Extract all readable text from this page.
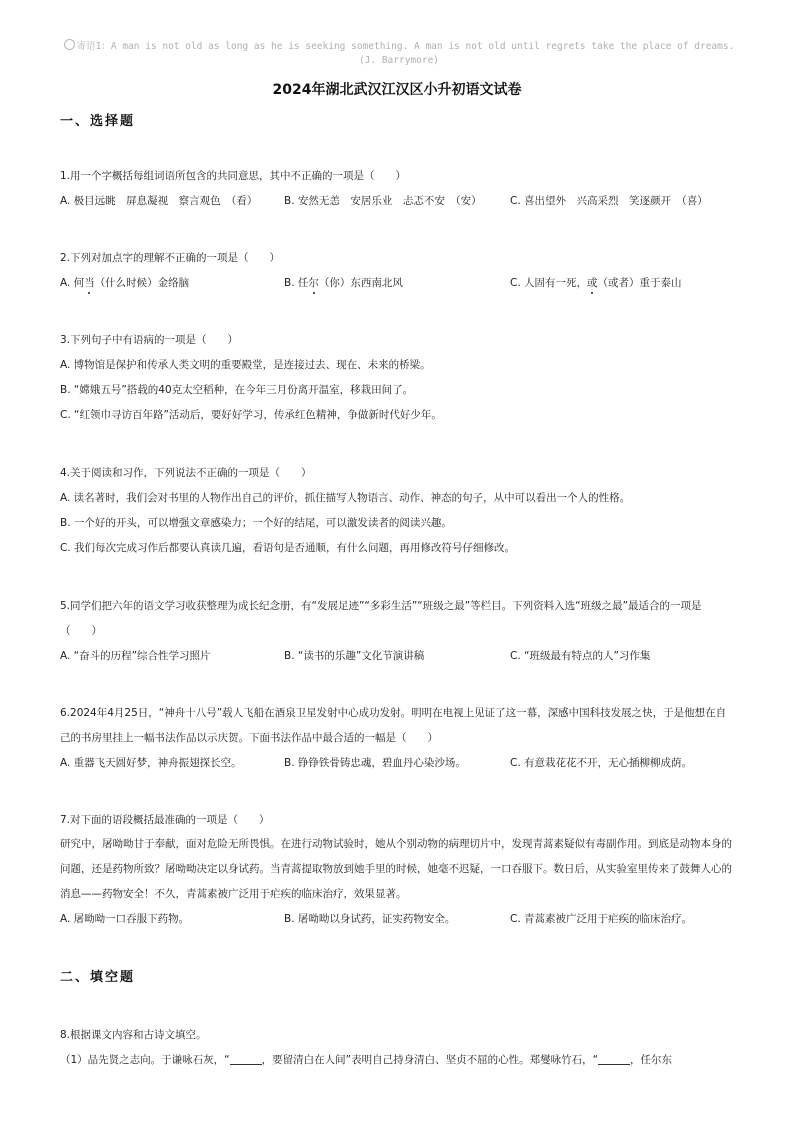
寄语1：A man is not old as long as he is seeking something. A man is not old until regrets take the place of dreams.
(J. Barrymore)
2024年湖北武汉江汉区小升初语文试卷
一、选择题
1.用一个字概括每组词语所包含的共同意思，其中不正确的一项是（　　）
A. 极目远眺　屏息凝视　察言观色　（看）	B. 安然无恙　安居乐业　忐忑不安　（安）	C. 喜出望外　兴高采烈　笑逐颜开　（喜）
2.下列对加点字的理解不正确的一项是（　　）
A. 何当（什么时候）金络脑	B. 任尔（你）东西南北风	C. 人固有一死，或（或者）重于泰山
3.下列句子中有语病的一项是（　　）
A. 博物馆是保护和传承人类文明的重要殿堂，是连接过去、现在、未来的桥梁。
B. “嫦娥五号”搭载的40克太空稻种，在今年三月份离开温室，移栽田间了。
C. “红领巾寻访百年路”活动后，要好好学习，传承红色精神，争做新时代好少年。
4.关于阅读和习作，下列说法不正确的一项是（　　）
A. 读名著时，我们会对书里的人物作出自己的评价，抓住描写人物语言、动作、神态的句子，从中可以看出一个人的性格。
B. 一个好的开头，可以增强文章感染力；一个好的结尾，可以激发读者的阅读兴趣。
C. 我们每次完成习作后都要认真读几遍，看语句是否通顺，有什么问题，再用修改符号仔细修改。
5.同学们把六年的语文学习收获整理为成长纪念册，有“发展足迹”“多彩生活”“班级之最”等栏目。下列资料入选“班级之最”最适合的一项是（　　）
A. “奋斗的历程”综合性学习照片	B. “读书的乐趣”文化节演讲稿	C. “班级最有特点的人”习作集
6.2024年4月25日，“神舟十八号”载人飞船在酒泉卫星发射中心成功发射。明明在电视上见证了这一幕，深感中国科技发展之快，于是他想在自己的书房里挂上一幅书法作品以示庆贺。下面书法作品中最合适的一幅是（　　）
A. 重器飞天圆好梦，神舟振翅探长空。	B. 铮铮铁骨铸忠魂，碧血丹心染沙场。	C. 有意栽花花不开，无心插柳柳成荫。
7.对下面的语段概括最准确的一项是（　　）
研究中，屠呦呦甘于奉献，面对危险无所畏惧。在进行动物试验时，她从个别动物的病理切片中，发现青蒿素疑似有毒副作用。到底是动物本身的问题，还是药物所致？屠呦呦决定以身试药。当青蒿提取物放到她手里的时候，她毫不迟疑，一口吞服下。数日后，从实验室里传来了鼓舞人心的消息——药物安全！不久，青蒿素被广泛用于疟疾的临床治疗，效果显著。
A. 屠呦呦一口吞服下药物。	B. 屠呦呦以身试药，证实药物安全。	C. 青蒿素被广泛用于疟疾的临床治疗。
二、填空题
8.根据课文内容和古诗文填空。
（1）品先贤之志向。于谦咏石灰，“	，要留清白在人间”表明自己持身清白、坚贞不屈的心性。郑燮咏竹石，“	，任尔东
